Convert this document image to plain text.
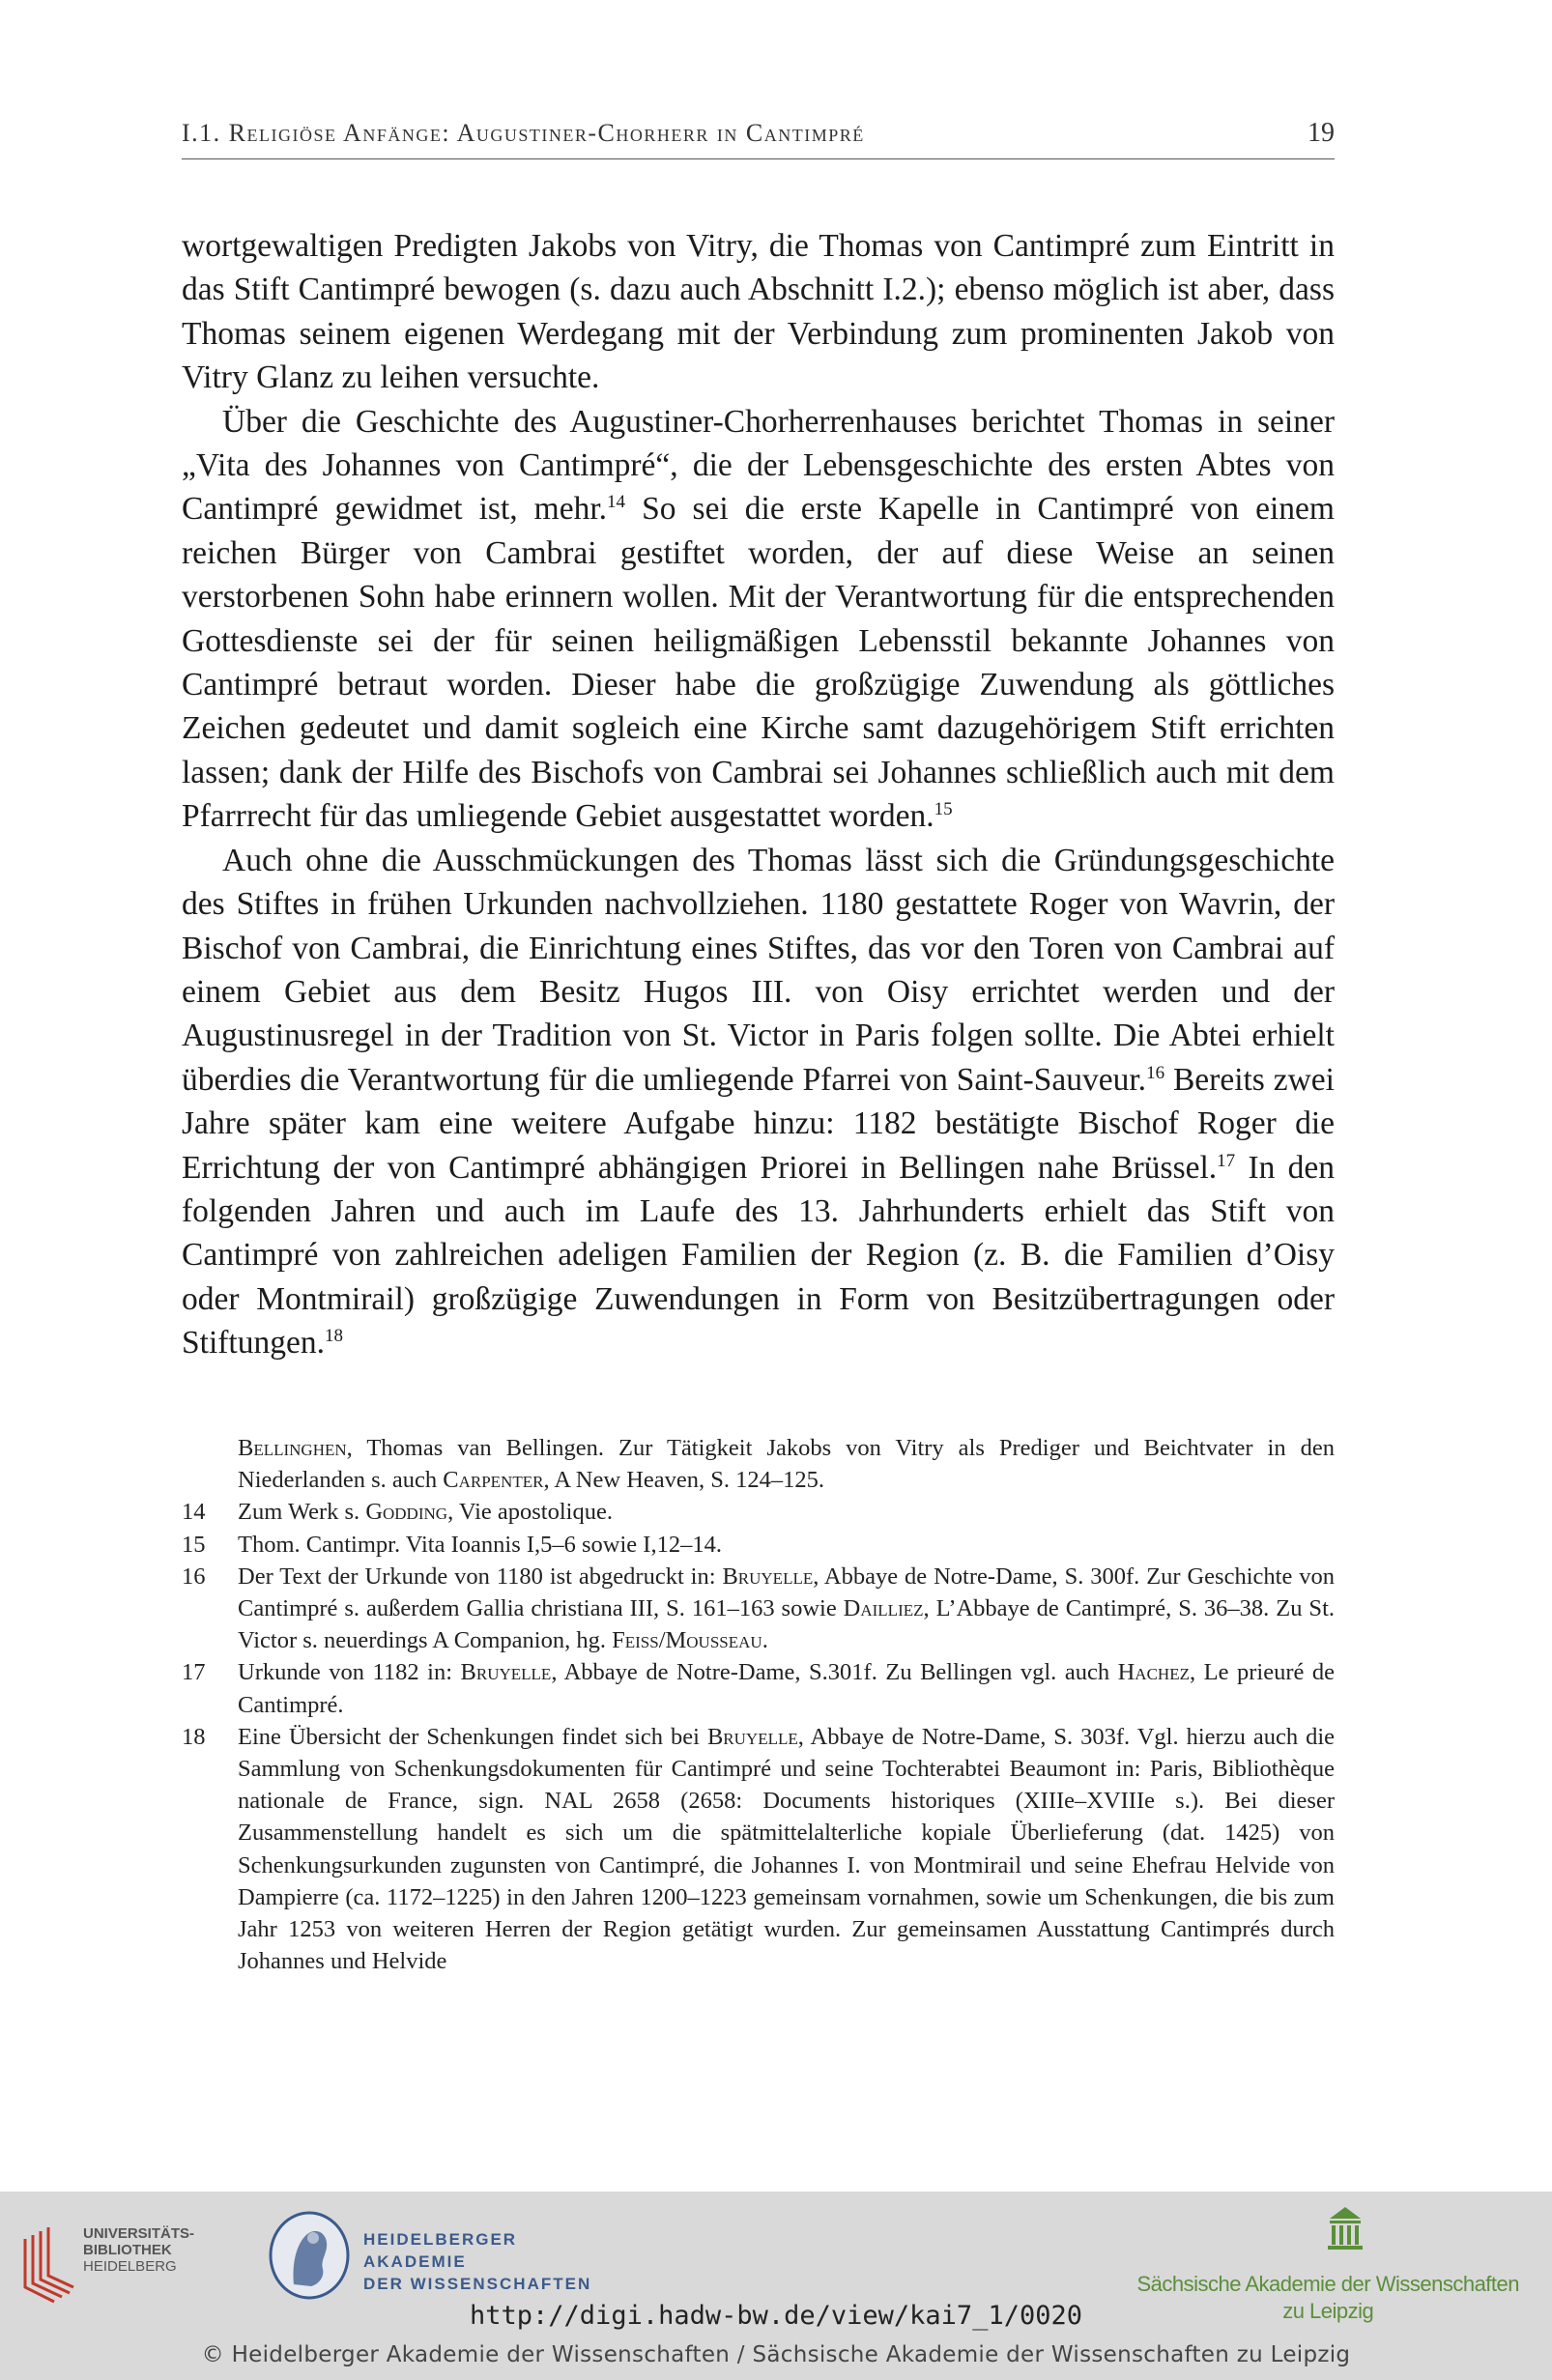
I.1. Religiöse Anfänge: Augustiner-Chorherr in Cantimpré	19

wortgewaltigen Predigten Jakobs von Vitry, die Thomas von Cantimpré zum Eintritt in das Stift Cantimpré bewogen (s. dazu auch Abschnitt I.2.); ebenso möglich ist aber, dass Thomas seinem eigenen Werdegang mit der Verbindung zum prominenten Jakob von Vitry Glanz zu leihen versuchte.

Über die Geschichte des Augustiner-Chorherrenhauses berichtet Thomas in seiner „Vita des Johannes von Cantimpré“, die der Lebensgeschichte des ersten Abtes von Cantimpré gewidmet ist, mehr.$^{14}$ So sei die erste Kapelle in Cantimpré von einem reichen Bürger von Cambrai gestiftet worden, der auf diese Weise an seinen verstorbenen Sohn habe erinnern wollen. Mit der Verantwortung für die entsprechenden Gottesdienste sei der für seinen heiligmäßigen Lebensstil bekannte Johannes von Cantimpré betraut worden. Dieser habe die großzügige Zuwendung als göttliches Zeichen gedeutet und damit sogleich eine Kirche samt dazugehörigem Stift errichten lassen; dank der Hilfe des Bischofs von Cambrai sei Johannes schließlich auch mit dem Pfarrrecht für das umliegende Gebiet ausgestattet worden.$^{15}$

Auch ohne die Ausschmückungen des Thomas lässt sich die Gründungsgeschichte des Stiftes in frühen Urkunden nachvollziehen. 1180 gestattete Roger von Wavrin, der Bischof von Cambrai, die Einrichtung eines Stiftes, das vor den Toren von Cambrai auf einem Gebiet aus dem Besitz Hugos III. von Oisy errichtet werden und der Augustinusregel in der Tradition von St. Victor in Paris folgen sollte. Die Abtei erhielt überdies die Verantwortung für die umliegende Pfarrei von Saint-Sauveur.$^{16}$ Bereits zwei Jahre später kam eine weitere Aufgabe hinzu: 1182 bestätigte Bischof Roger die Errichtung der von Cantimpré abhängigen Priorei in Bellingen nahe Brüssel.$^{17}$ In den folgenden Jahren und auch im Laufe des 13. Jahrhunderts erhielt das Stift von Cantimpré von zahlreichen adeligen Familien der Region (z. B. die Familien d’Oisy oder Montmirail) großzügige Zuwendungen in Form von Besitzübertragungen oder Stiftungen.$^{18}$

Bellinghen, Thomas van Bellingen. Zur Tätigkeit Jakobs von Vitry als Prediger und Beichtvater in den Niederlanden s. auch Carpenter, A New Heaven, S. 124–125.
14	Zum Werk s. Godding, Vie apostolique.
15	Thom. Cantimpr. Vita Ioannis I,5–6 sowie I,12–14.
16	Der Text der Urkunde von 1180 ist abgedruckt in: Bruyelle, Abbaye de Notre-Dame, S. 300f. Zur Geschichte von Cantimpré s. außerdem Gallia christiana III, S. 161–163 sowie Dailliez, L’Abbaye de Cantimpré, S. 36–38. Zu St. Victor s. neuerdings A Companion, hg. Feiss/Mousseau.
17	Urkunde von 1182 in: Bruyelle, Abbaye de Notre-Dame, S.301f. Zu Bellingen vgl. auch Hachez, Le prieuré de Cantimpré.
18	Eine Übersicht der Schenkungen findet sich bei Bruyelle, Abbaye de Notre-Dame, S. 303f. Vgl. hierzu auch die Sammlung von Schenkungsdokumenten für Cantimpré und seine Tochterabtei Beaumont in: Paris, Bibliothèque nationale de France, sign. NAL 2658 (2658: Documents historiques (XIIIe–XVIIIe s.). Bei dieser Zusammenstellung handelt es sich um die spätmittelalterliche kopiale Überlieferung (dat. 1425) von Schenkungsurkunden zugunsten von Cantimpré, die Johannes I. von Montmirail und seine Ehefrau Helvide von Dampierre (ca. 1172–1225) in den Jahren 1200–1223 gemeinsam vornahmen, sowie um Schenkungen, die bis zum Jahr 1253 von weiteren Herren der Region getätigt wurden. Zur gemeinsamen Ausstattung Cantimprés durch Johannes und Helvide
UNIVERSITÄTS-
BIBLIOTHEK
HEIDELBERG
HEIDELBERGER AKADEMIE
DER WISSENSCHAFTEN	Sächsische Akademie der Wissenschaften
zu Leipzig
http://digi.hadw-bw.de/view/kai7_1/0020
© Heidelberger Akademie der Wissenschaften / Sächsische Akademie der Wissenschaften zu Leipzig
